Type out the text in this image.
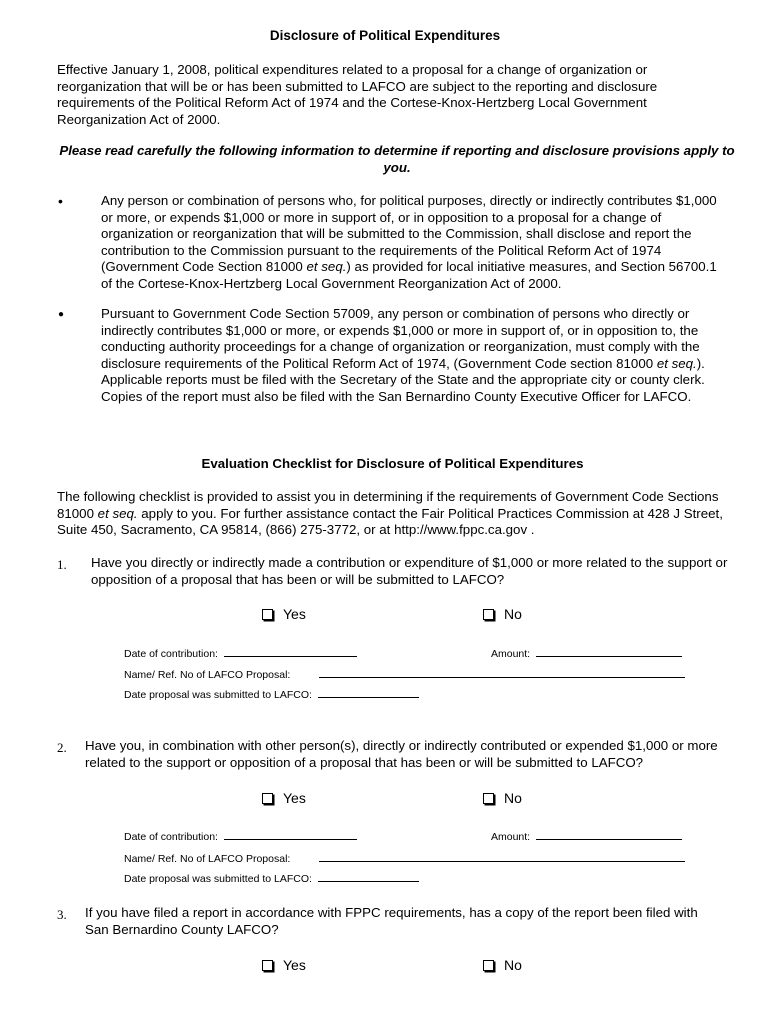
Disclosure of Political Expenditures
Effective January 1, 2008, political expenditures related to a proposal for a change of organization or reorganization that will be or has been submitted to LAFCO are subject to the reporting and disclosure requirements of the Political Reform Act of 1974 and the Cortese-Knox-Hertzberg Local Government Reorganization Act of 2000.
Please read carefully the following information to determine if reporting and disclosure provisions apply to you.
•	Any person or combination of persons who, for political purposes, directly or indirectly contributes $1,000 or more, or expends $1,000 or more in support of, or in opposition to a proposal for a change of organization or reorganization that will be submitted to the Commission, shall disclose and report the contribution to the Commission pursuant to the requirements of the Political Reform Act of 1974 (Government Code Section 81000 et seq.) as provided for local initiative measures, and Section 56700.1 of the Cortese-Knox-Hertzberg Local Government Reorganization Act of 2000.
●	Pursuant to Government Code Section 57009, any person or combination of persons who directly or indirectly contributes $1,000 or more, or expends $1,000 or more in support of, or in opposition to, the conducting authority proceedings for a change of organization or reorganization, must comply with the disclosure requirements of the Political Reform Act of 1974, (Government Code section 81000 et seq.). Applicable reports must be filed with the Secretary of the State and the appropriate city or county clerk. Copies of the report must also be filed with the San Bernardino County Executive Officer for LAFCO.
Evaluation Checklist for Disclosure of Political Expenditures
The following checklist is provided to assist you in determining if the requirements of Government Code Sections 81000 et seq. apply to you. For further assistance contact the Fair Political Practices Commission at 428 J Street, Suite 450, Sacramento, CA 95814, (866) 275-3772, or at http://www.fppc.ca.gov .
1. Have you directly or indirectly made a contribution or expenditure of $1,000 or more related to the support or opposition of a proposal that has been or will be submitted to LAFCO?
Yes	No
Date of contribution:	Amount:
Name/ Ref. No of LAFCO Proposal:
Date proposal was submitted to LAFCO:
2. Have you, in combination with other person(s), directly or indirectly contributed or expended $1,000 or more related to the support or opposition of a proposal that has been or will be submitted to LAFCO?
Yes	No
Date of contribution:	Amount:
Name/ Ref. No of LAFCO Proposal:
Date proposal was submitted to LAFCO:
3. If you have filed a report in accordance with FPPC requirements, has a copy of the report been filed with San Bernardino County LAFCO?
Yes	No
